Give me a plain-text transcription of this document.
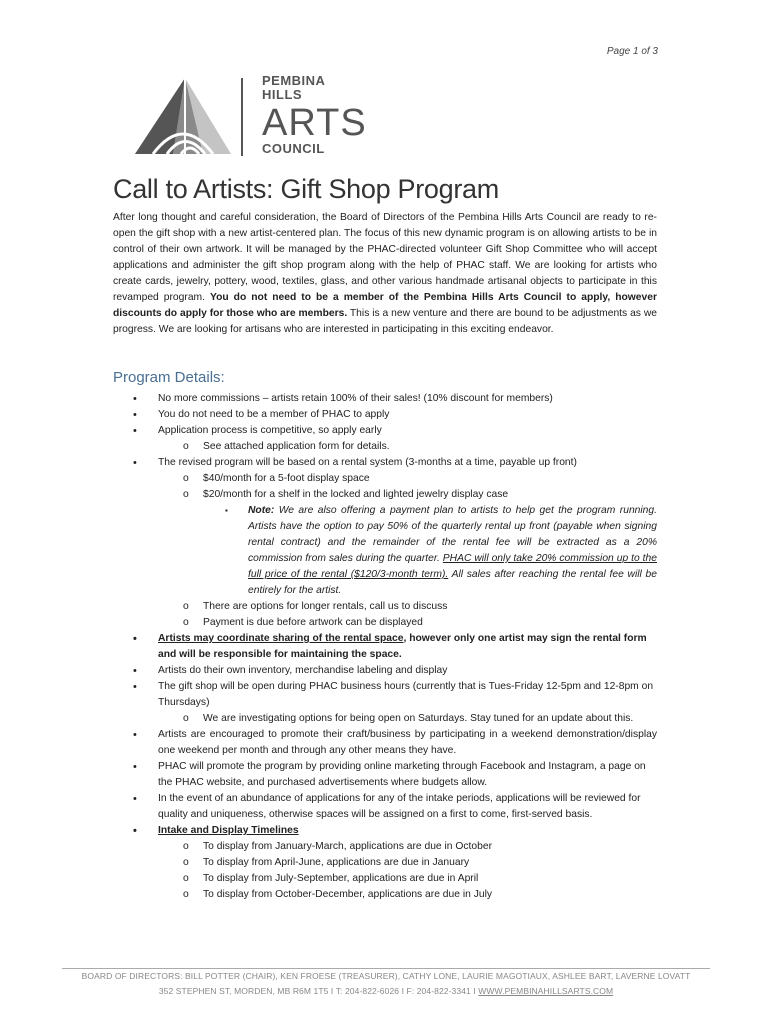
Page 1 of 3
PEMBINA
HILLS
ARTS
COUNCIL
Call to Artists: Gift Shop Program

After long thought and careful consideration, the Board of Directors of the Pembina Hills Arts Council are ready to re-open the gift shop with a new artist-centered plan. The focus of this new dynamic program is on allowing artists to be in control of their own artwork. It will be managed by the PHAC-directed volunteer Gift Shop Committee who will accept applications and administer the gift shop program along with the help of PHAC staff. We are looking for artists who create cards, jewelry, pottery, wood, textiles, glass, and other various handmade artisanal objects to participate in this revamped program. You do not need to be a member of the Pembina Hills Arts Council to apply, however discounts do apply for those who are members. This is a new venture and there are bound to be adjustments as we progress. We are looking for artisans who are interested in participating in this exciting endeavor.

Program Details:
• No more commissions – artists retain 100% of their sales! (10% discount for members)
• You do not need to be a member of PHAC to apply
• Application process is competitive, so apply early
o See attached application form for details.
• The revised program will be based on a rental system (3-months at a time, payable up front)
o $40/month for a 5-foot display space
o $20/month for a shelf in the locked and lighted jewelry display case
▪ Note: We are also offering a payment plan to artists to help get the program running. Artists have the option to pay 50% of the quarterly rental up front (payable when signing rental contract) and the remainder of the rental fee will be extracted as a 20% commission from sales during the quarter. PHAC will only take 20% commission up to the full price of the rental ($120/3-month term). All sales after reaching the rental fee will be entirely for the artist.
o There are options for longer rentals, call us to discuss
o Payment is due before artwork can be displayed
• Artists may coordinate sharing of the rental space, however only one artist may sign the rental form and will be responsible for maintaining the space.
• Artists do their own inventory, merchandise labeling and display
• The gift shop will be open during PHAC business hours (currently that is Tues-Friday 12-5pm and 12-8pm on Thursdays)
o We are investigating options for being open on Saturdays. Stay tuned for an update about this.
• Artists are encouraged to promote their craft/business by participating in a weekend demonstration/display one weekend per month and through any other means they have.
• PHAC will promote the program by providing online marketing through Facebook and Instagram, a page on the PHAC website, and purchased advertisements where budgets allow.
• In the event of an abundance of applications for any of the intake periods, applications will be reviewed for quality and uniqueness, otherwise spaces will be assigned on a first to come, first-served basis.
• Intake and Display Timelines
o To display from January-March, applications are due in October
o To display from April-June, applications are due in January
o To display from July-September, applications are due in April
o To display from October-December, applications are due in July
BOARD OF DIRECTORS: BILL POTTER (CHAIR), KEN FROESE (TREASURER), CATHY LONE, LAURIE MAGOTIAUX, ASHLEE BART, LAVERNE LOVATT
352 STEPHEN ST, MORDEN, MB R6M 1T5 I T: 204-822-6026 I F: 204-822-3341 I WWW.PEMBINAHILLSARTS.COM
